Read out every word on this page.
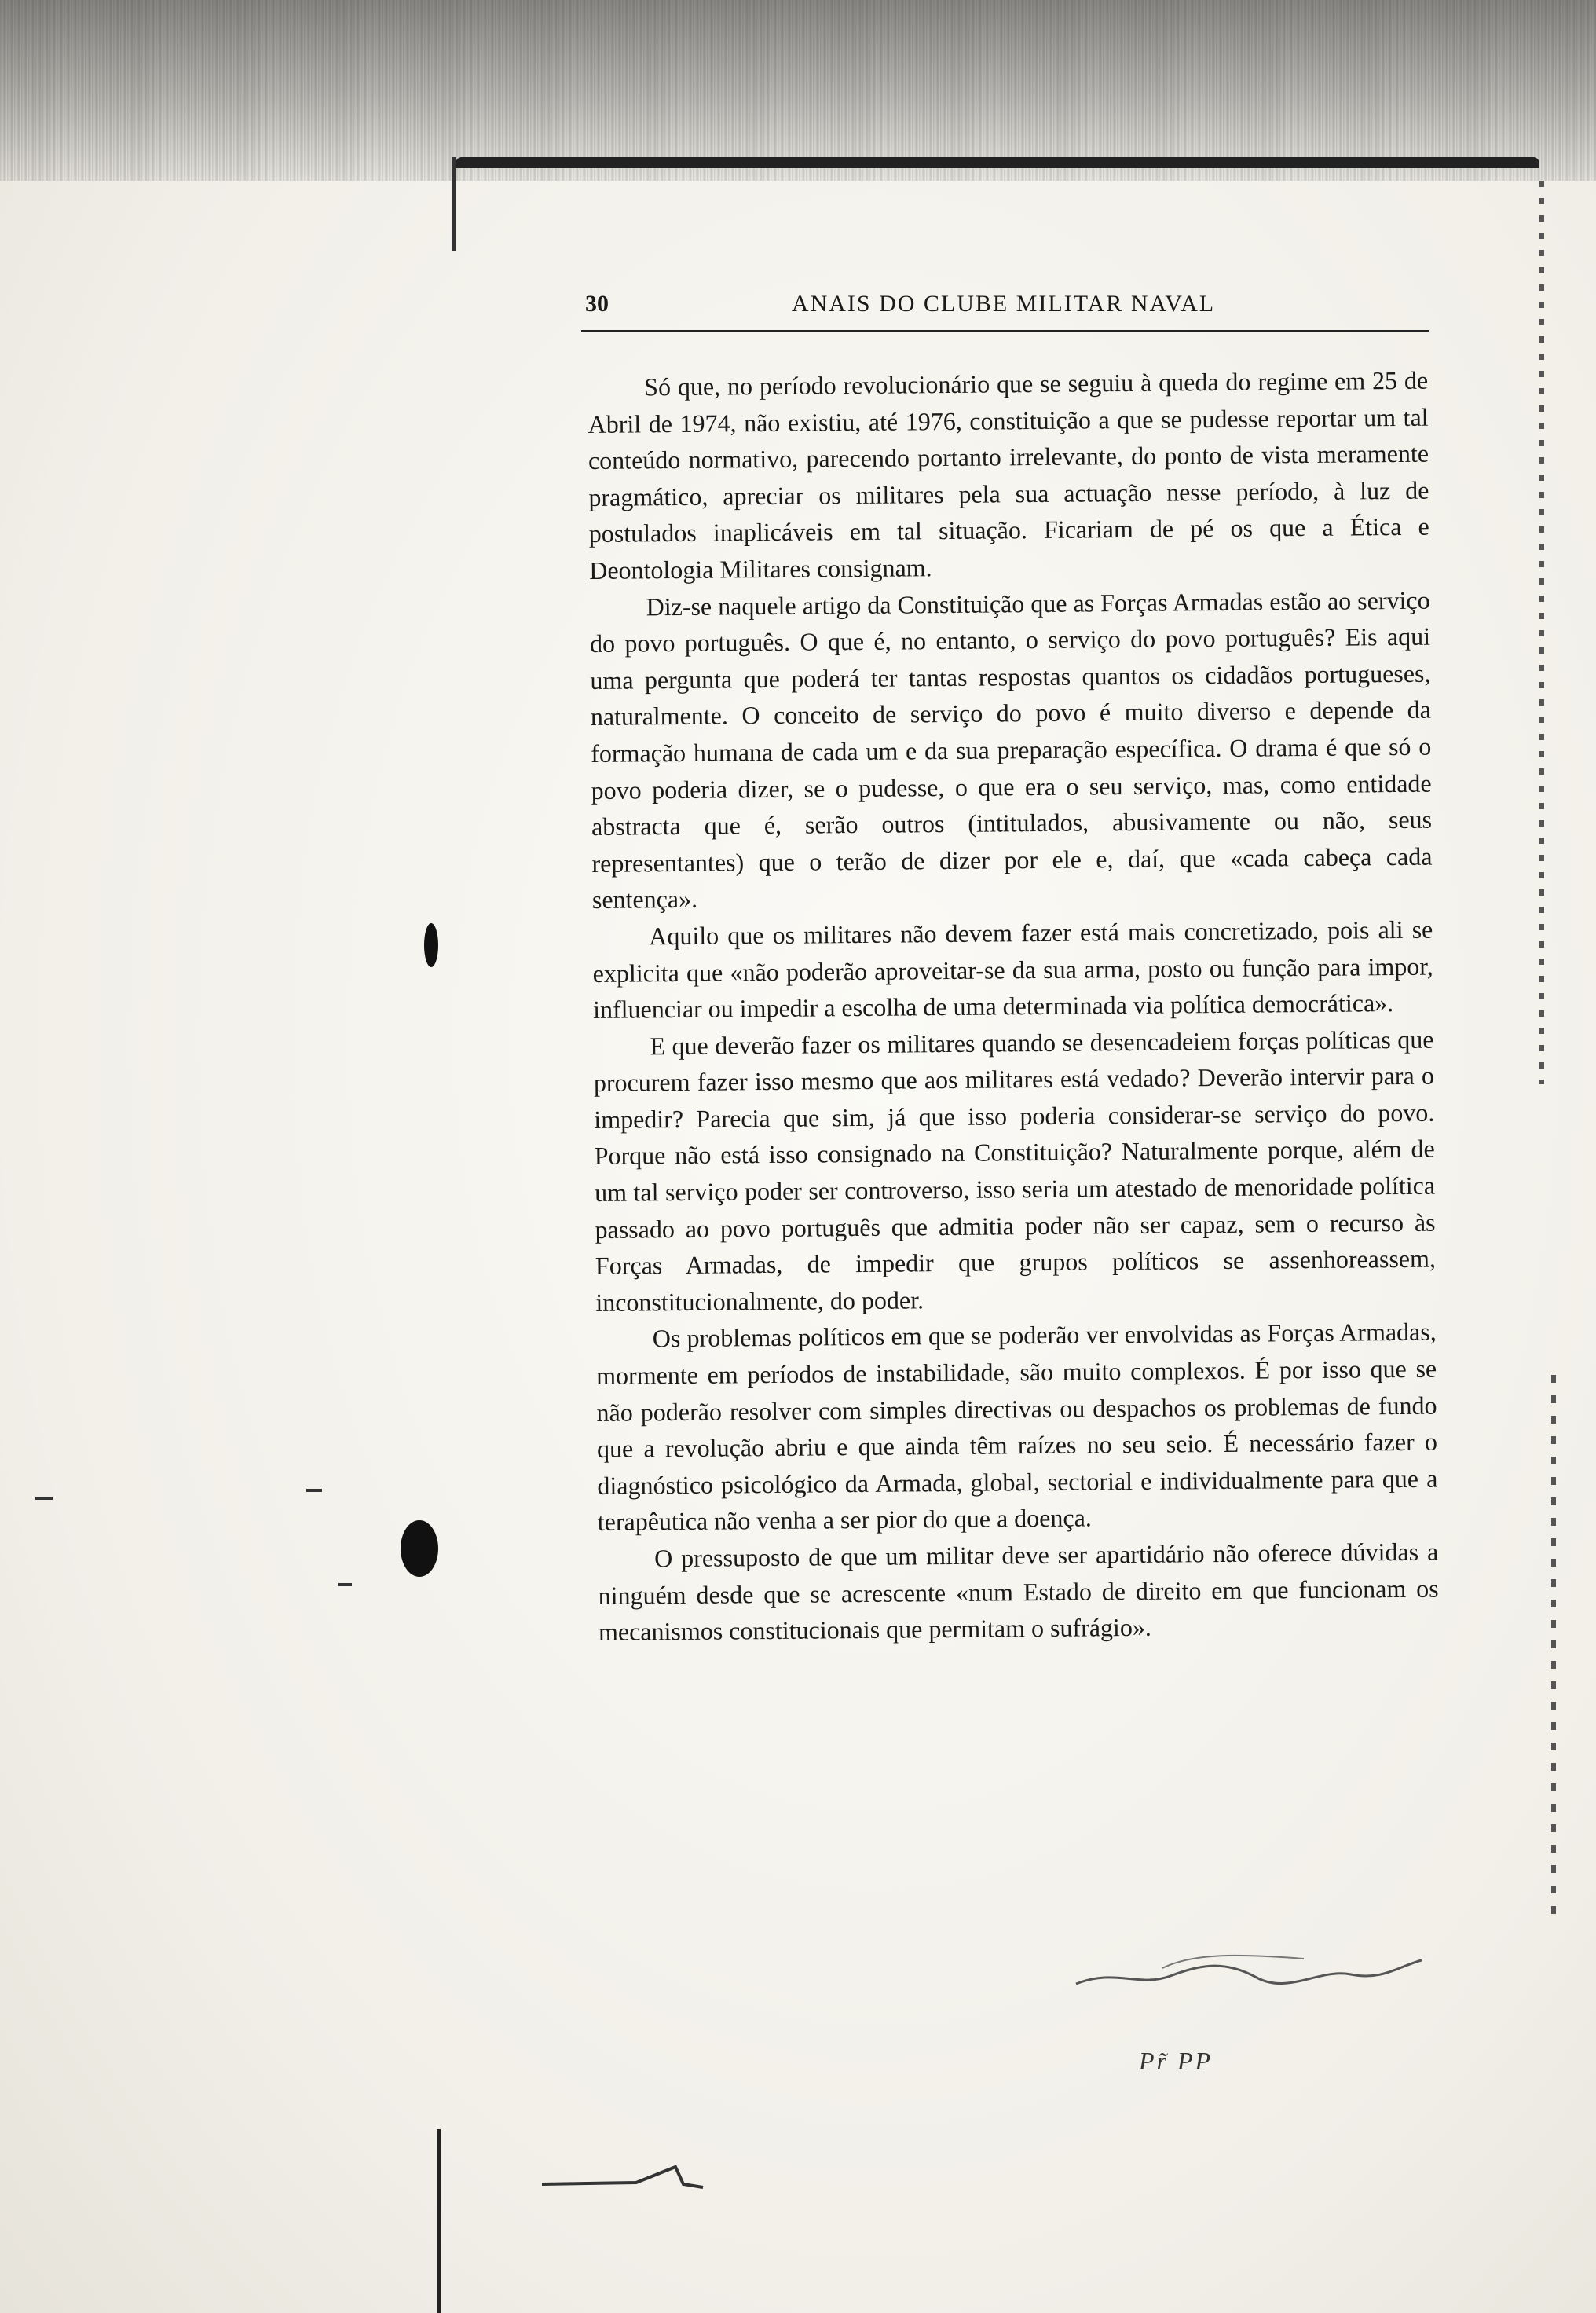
30	ANAIS DO CLUBE MILITAR NAVAL

Só que, no período revolucionário que se seguiu à queda do regime em 25 de Abril de 1974, não existiu, até 1976, constituição a que se pudesse reportar um tal conteúdo normativo, parecendo portanto irrelevante, do ponto de vista meramente pragmático, apreciar os militares pela sua actuação nesse período, à luz de postulados inaplicáveis em tal situação. Ficariam de pé os que a Ética e Deontologia Militares consignam.

Diz-se naquele artigo da Constituição que as Forças Armadas estão ao serviço do povo português. O que é, no entanto, o serviço do povo português? Eis aqui uma pergunta que poderá ter tantas respostas quantos os cidadãos portugueses, naturalmente. O conceito de serviço do povo é muito diverso e depende da formação humana de cada um e da sua preparação específica. O drama é que só o povo poderia dizer, se o pudesse, o que era o seu serviço, mas, como entidade abstracta que é, serão outros (intitulados, abusivamente ou não, seus representantes) que o terão de dizer por ele e, daí, que «cada cabeça cada sentença».

Aquilo que os militares não devem fazer está mais concretizado, pois ali se explicita que «não poderão aproveitar-se da sua arma, posto ou função para impor, influenciar ou impedir a escolha de uma determinada via política democrática».

E que deverão fazer os militares quando se desencadeiem forças políticas que procurem fazer isso mesmo que aos militares está vedado? Deverão intervir para o impedir? Parecia que sim, já que isso poderia considerar-se serviço do povo. Porque não está isso consignado na Constituição? Naturalmente porque, além de um tal serviço poder ser controverso, isso seria um atestado de menoridade política passado ao povo português que admitia poder não ser capaz, sem o recurso às Forças Armadas, de impedir que grupos políticos se assenhoreassem, inconstitucionalmente, do poder.

Os problemas políticos em que se poderão ver envolvidas as Forças Armadas, mormente em períodos de instabilidade, são muito complexos. É por isso que se não poderão resolver com simples directivas ou despachos os problemas de fundo que a revolução abriu e que ainda têm raízes no seu seio. É necessário fazer o diagnóstico psicológico da Armada, global, sectorial e individualmente para que a terapêutica não venha a ser pior do que a doença.

O pressuposto de que um militar deve ser apartidário não oferece dúvidas a ninguém desde que se acrescente «num Estado de direito em que funcionam os mecanismos constitucionais que permitam o sufrágio».

Pr̃ PP
